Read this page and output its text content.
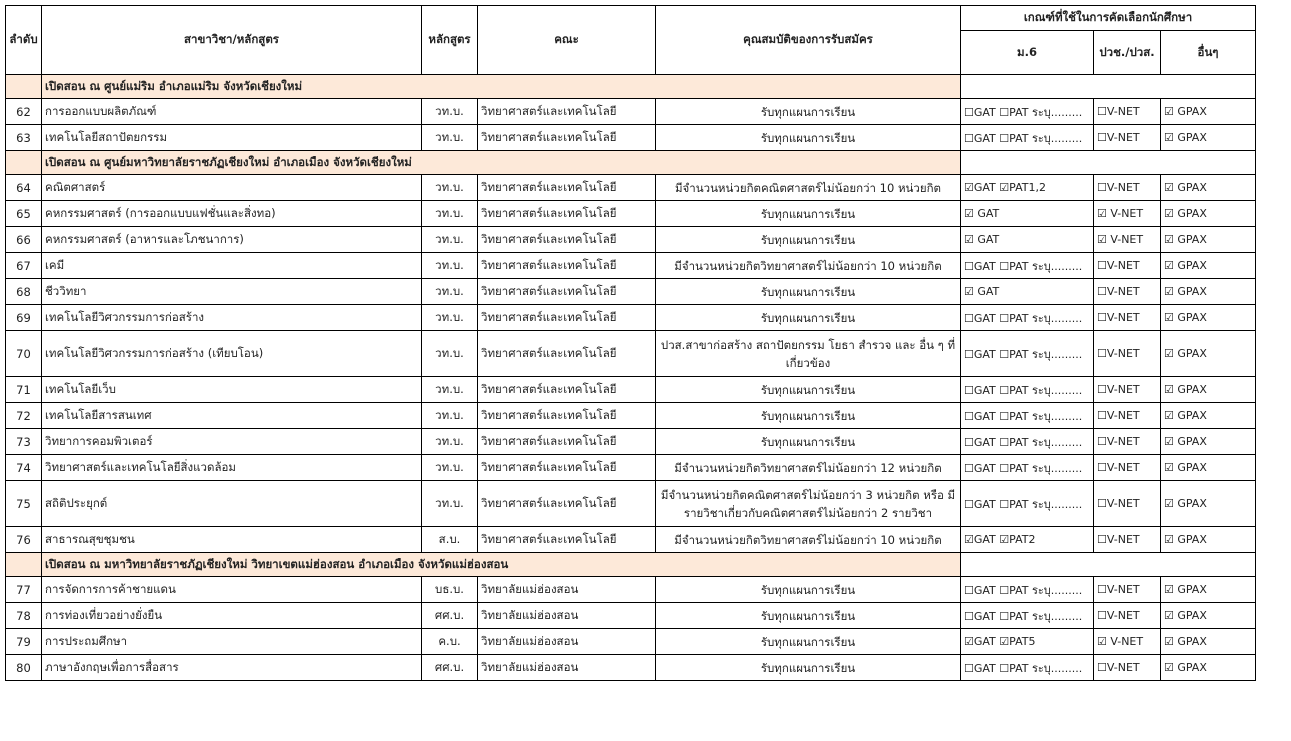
ลำดับ	สาขาวิชา/หลักสูตร	หลักสูตร	คณะ	คุณสมบัติของการรับสมัคร	เกณฑ์ที่ใช้ในการคัดเลือกนักศึกษา		
					ม.6	ปวช./ปวส.	อื่นๆ
	เปิดสอน ณ ศูนย์แม่ริม อำเภอแม่ริม จังหวัดเชียงใหม่						
62	การออกแบบผลิตภัณฑ์	วท.บ.	วิทยาศาสตร์และเทคโนโลยี	รับทุกแผนการเรียน	☐GAT ☐PAT ระบุ.........	☐V-NET	☑ GPAX
63	เทคโนโลยีสถาปัตยกรรม	วท.บ.	วิทยาศาสตร์และเทคโนโลยี	รับทุกแผนการเรียน	☐GAT ☐PAT ระบุ.........	☐V-NET	☑ GPAX
	เปิดสอน ณ ศูนย์มหาวิทยาลัยราชภัฏเชียงใหม่ อำเภอเมือง จังหวัดเชียงใหม่						
64	คณิตศาสตร์	วท.บ.	วิทยาศาสตร์และเทคโนโลยี	มีจำนวนหน่วยกิตคณิตศาสตร์ไม่น้อยกว่า 10 หน่วยกิต	☑GAT ☑PAT1,2	☐V-NET	☑ GPAX
65	คหกรรมศาสตร์ (การออกแบบแฟชั่นและสิ่งทอ)	วท.บ.	วิทยาศาสตร์และเทคโนโลยี	รับทุกแผนการเรียน	☑ GAT	☑ V-NET	☑ GPAX
66	คหกรรมศาสตร์ (อาหารและโภชนาการ)	วท.บ.	วิทยาศาสตร์และเทคโนโลยี	รับทุกแผนการเรียน	☑ GAT	☑ V-NET	☑ GPAX
67	เคมี	วท.บ.	วิทยาศาสตร์และเทคโนโลยี	มีจำนวนหน่วยกิตวิทยาศาสตร์ไม่น้อยกว่า 10 หน่วยกิต	☐GAT ☐PAT ระบุ.........	☐V-NET	☑ GPAX
68	ชีววิทยา	วท.บ.	วิทยาศาสตร์และเทคโนโลยี	รับทุกแผนการเรียน	☑ GAT	☐V-NET	☑ GPAX
69	เทคโนโลยีวิศวกรรมการก่อสร้าง	วท.บ.	วิทยาศาสตร์และเทคโนโลยี	รับทุกแผนการเรียน	☐GAT ☐PAT ระบุ.........	☐V-NET	☑ GPAX
70	เทคโนโลยีวิศวกรรมการก่อสร้าง (เทียบโอน)	วท.บ.	วิทยาศาสตร์และเทคโนโลยี	ปวส.สาขาก่อสร้าง สถาปัตยกรรม โยธา สำรวจ และ อื่น ๆ ที่เกี่ยวข้อง	☐GAT ☐PAT ระบุ.........	☐V-NET	☑ GPAX
71	เทคโนโลยีเว็บ	วท.บ.	วิทยาศาสตร์และเทคโนโลยี	รับทุกแผนการเรียน	☐GAT ☐PAT ระบุ.........	☐V-NET	☑ GPAX
72	เทคโนโลยีสารสนเทศ	วท.บ.	วิทยาศาสตร์และเทคโนโลยี	รับทุกแผนการเรียน	☐GAT ☐PAT ระบุ.........	☐V-NET	☑ GPAX
73	วิทยาการคอมพิวเตอร์	วท.บ.	วิทยาศาสตร์และเทคโนโลยี	รับทุกแผนการเรียน	☐GAT ☐PAT ระบุ.........	☐V-NET	☑ GPAX
74	วิทยาศาสตร์และเทคโนโลยีสิ่งแวดล้อม	วท.บ.	วิทยาศาสตร์และเทคโนโลยี	มีจำนวนหน่วยกิตวิทยาศาสตร์ไม่น้อยกว่า 12 หน่วยกิต	☐GAT ☐PAT ระบุ.........	☐V-NET	☑ GPAX
75	สถิติประยุกต์	วท.บ.	วิทยาศาสตร์และเทคโนโลยี	มีจำนวนหน่วยกิตคณิตศาสตร์ไม่น้อยกว่า 3 หน่วยกิต หรือ มีรายวิชาเกี่ยวกับคณิตศาสตร์ไม่น้อยกว่า 2 รายวิชา	☐GAT ☐PAT ระบุ.........	☐V-NET	☑ GPAX
76	สาธารณสุขชุมชน	ส.บ.	วิทยาศาสตร์และเทคโนโลยี	มีจำนวนหน่วยกิตวิทยาศาสตร์ไม่น้อยกว่า 10 หน่วยกิต	☑GAT ☑PAT2	☐V-NET	☑ GPAX
	เปิดสอน ณ มหาวิทยาลัยราชภัฏเชียงใหม่ วิทยาเขตแม่ฮ่องสอน อำเภอเมือง จังหวัดแม่ฮ่องสอน						
77	การจัดการการค้าชายแดน	บธ.บ.	วิทยาลัยแม่ฮ่องสอน	รับทุกแผนการเรียน	☐GAT ☐PAT ระบุ.........	☐V-NET	☑ GPAX
78	การท่องเที่ยวอย่างยั่งยืน	ศศ.บ.	วิทยาลัยแม่ฮ่องสอน	รับทุกแผนการเรียน	☐GAT ☐PAT ระบุ.........	☐V-NET	☑ GPAX
79	การประถมศึกษา	ค.บ.	วิทยาลัยแม่ฮ่องสอน	รับทุกแผนการเรียน	☑GAT ☑PAT5	☑ V-NET	☑ GPAX
80	ภาษาอังกฤษเพื่อการสื่อสาร	ศศ.บ.	วิทยาลัยแม่ฮ่องสอน	รับทุกแผนการเรียน	☐GAT ☐PAT ระบุ.........	☐V-NET	☑ GPAX
